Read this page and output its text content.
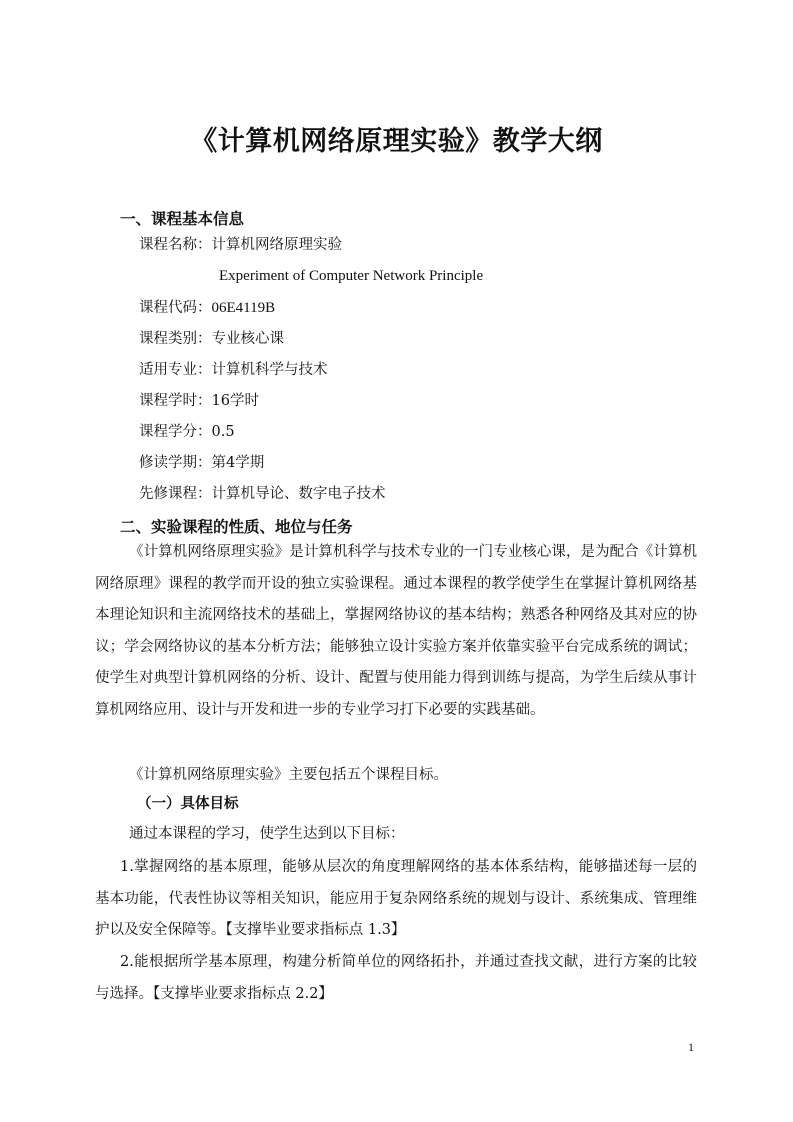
《计算机网络原理实验》教学大纲
一、课程基本信息
课程名称：计算机网络原理实验
Experiment of Computer Network Principle
课程代码：06E4119B
课程类别：专业核心课
适用专业：计算机科学与技术
课程学时：16学时
课程学分：0.5
修读学期：第4学期
先修课程：计算机导论、数字电子技术
二、实验课程的性质、地位与任务
《计算机网络原理实验》是计算机科学与技术专业的一门专业核心课，是为配合《计算机网络原理》课程的教学而开设的独立实验课程。通过本课程的教学使学生在掌握计算机网络基本理论知识和主流网络技术的基础上，掌握网络协议的基本结构；熟悉各种网络及其对应的协议；学会网络协议的基本分析方法；能够独立设计实验方案并依靠实验平台完成系统的调试；使学生对典型计算机网络的分析、设计、配置与使用能力得到训练与提高，为学生后续从事计算机网络应用、设计与开发和进一步的专业学习打下必要的实践基础。
《计算机网络原理实验》主要包括五个课程目标。
（一）具体目标
通过本课程的学习，使学生达到以下目标：
1.掌握网络的基本原理，能够从层次的角度理解网络的基本体系结构，能够描述每一层的基本功能，代表性协议等相关知识，能应用于复杂网络系统的规划与设计、系统集成、管理维护以及安全保障等。【支撑毕业要求指标点 1.3】
2.能根据所学基本原理，构建分析简单位的网络拓扑，并通过查找文献，进行方案的比较与选择。【支撑毕业要求指标点 2.2】
1
